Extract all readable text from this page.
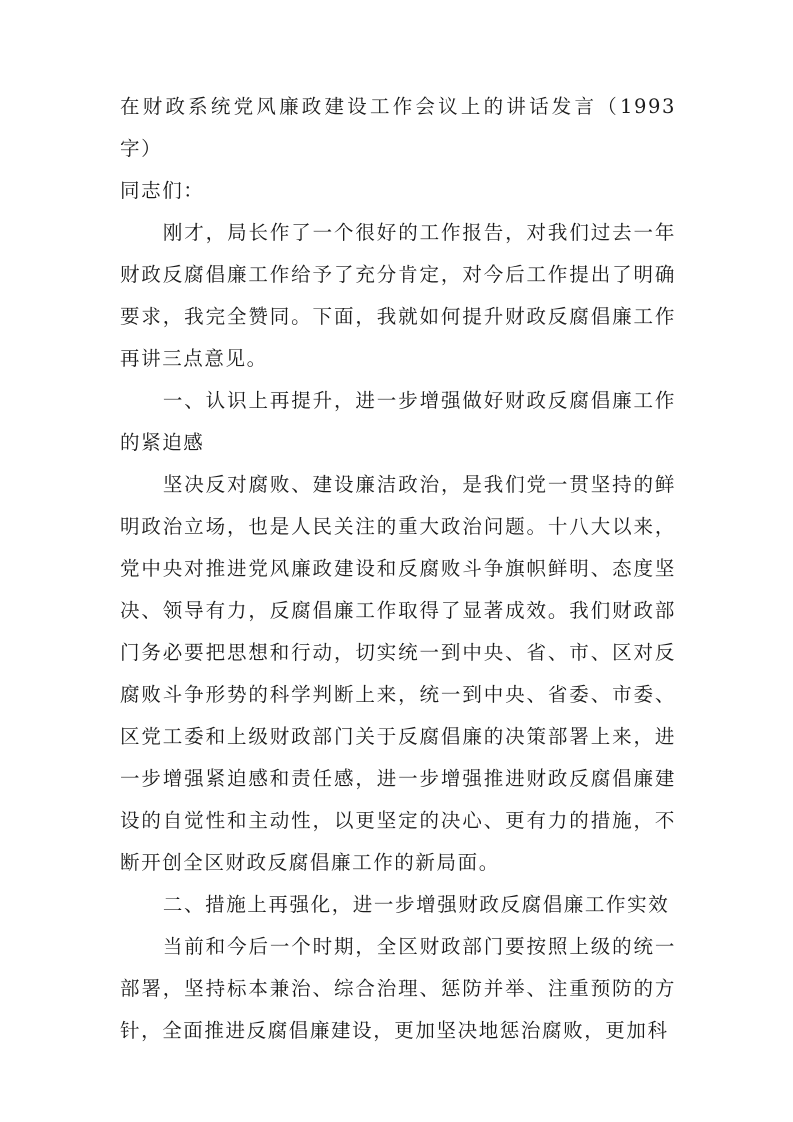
在财政系统党风廉政建设工作会议上的讲话发言（1993 字）

同志们：

刚才，局长作了一个很好的工作报告，对我们过去一年财政反腐倡廉工作给予了充分肯定，对今后工作提出了明确要求，我完全赞同。下面，我就如何提升财政反腐倡廉工作再讲三点意见。

一、认识上再提升，进一步增强做好财政反腐倡廉工作的紧迫感

坚决反对腐败、建设廉洁政治，是我们党一贯坚持的鲜明政治立场，也是人民关注的重大政治问题。十八大以来，党中央对推进党风廉政建设和反腐败斗争旗帜鲜明、态度坚决、领导有力，反腐倡廉工作取得了显著成效。我们财政部门务必要把思想和行动，切实统一到中央、省、市、区对反腐败斗争形势的科学判断上来，统一到中央、省委、市委、区党工委和上级财政部门关于反腐倡廉的决策部署上来，进一步增强紧迫感和责任感，进一步增强推进财政反腐倡廉建设的自觉性和主动性，以更坚定的决心、更有力的措施，不断开创全区财政反腐倡廉工作的新局面。

二、措施上再强化，进一步增强财政反腐倡廉工作实效

当前和今后一个时期，全区财政部门要按照上级的统一部署，坚持标本兼治、综合治理、惩防并举、注重预防的方针，全面推进反腐倡廉建设，更加坚决地惩治腐败，更加科
